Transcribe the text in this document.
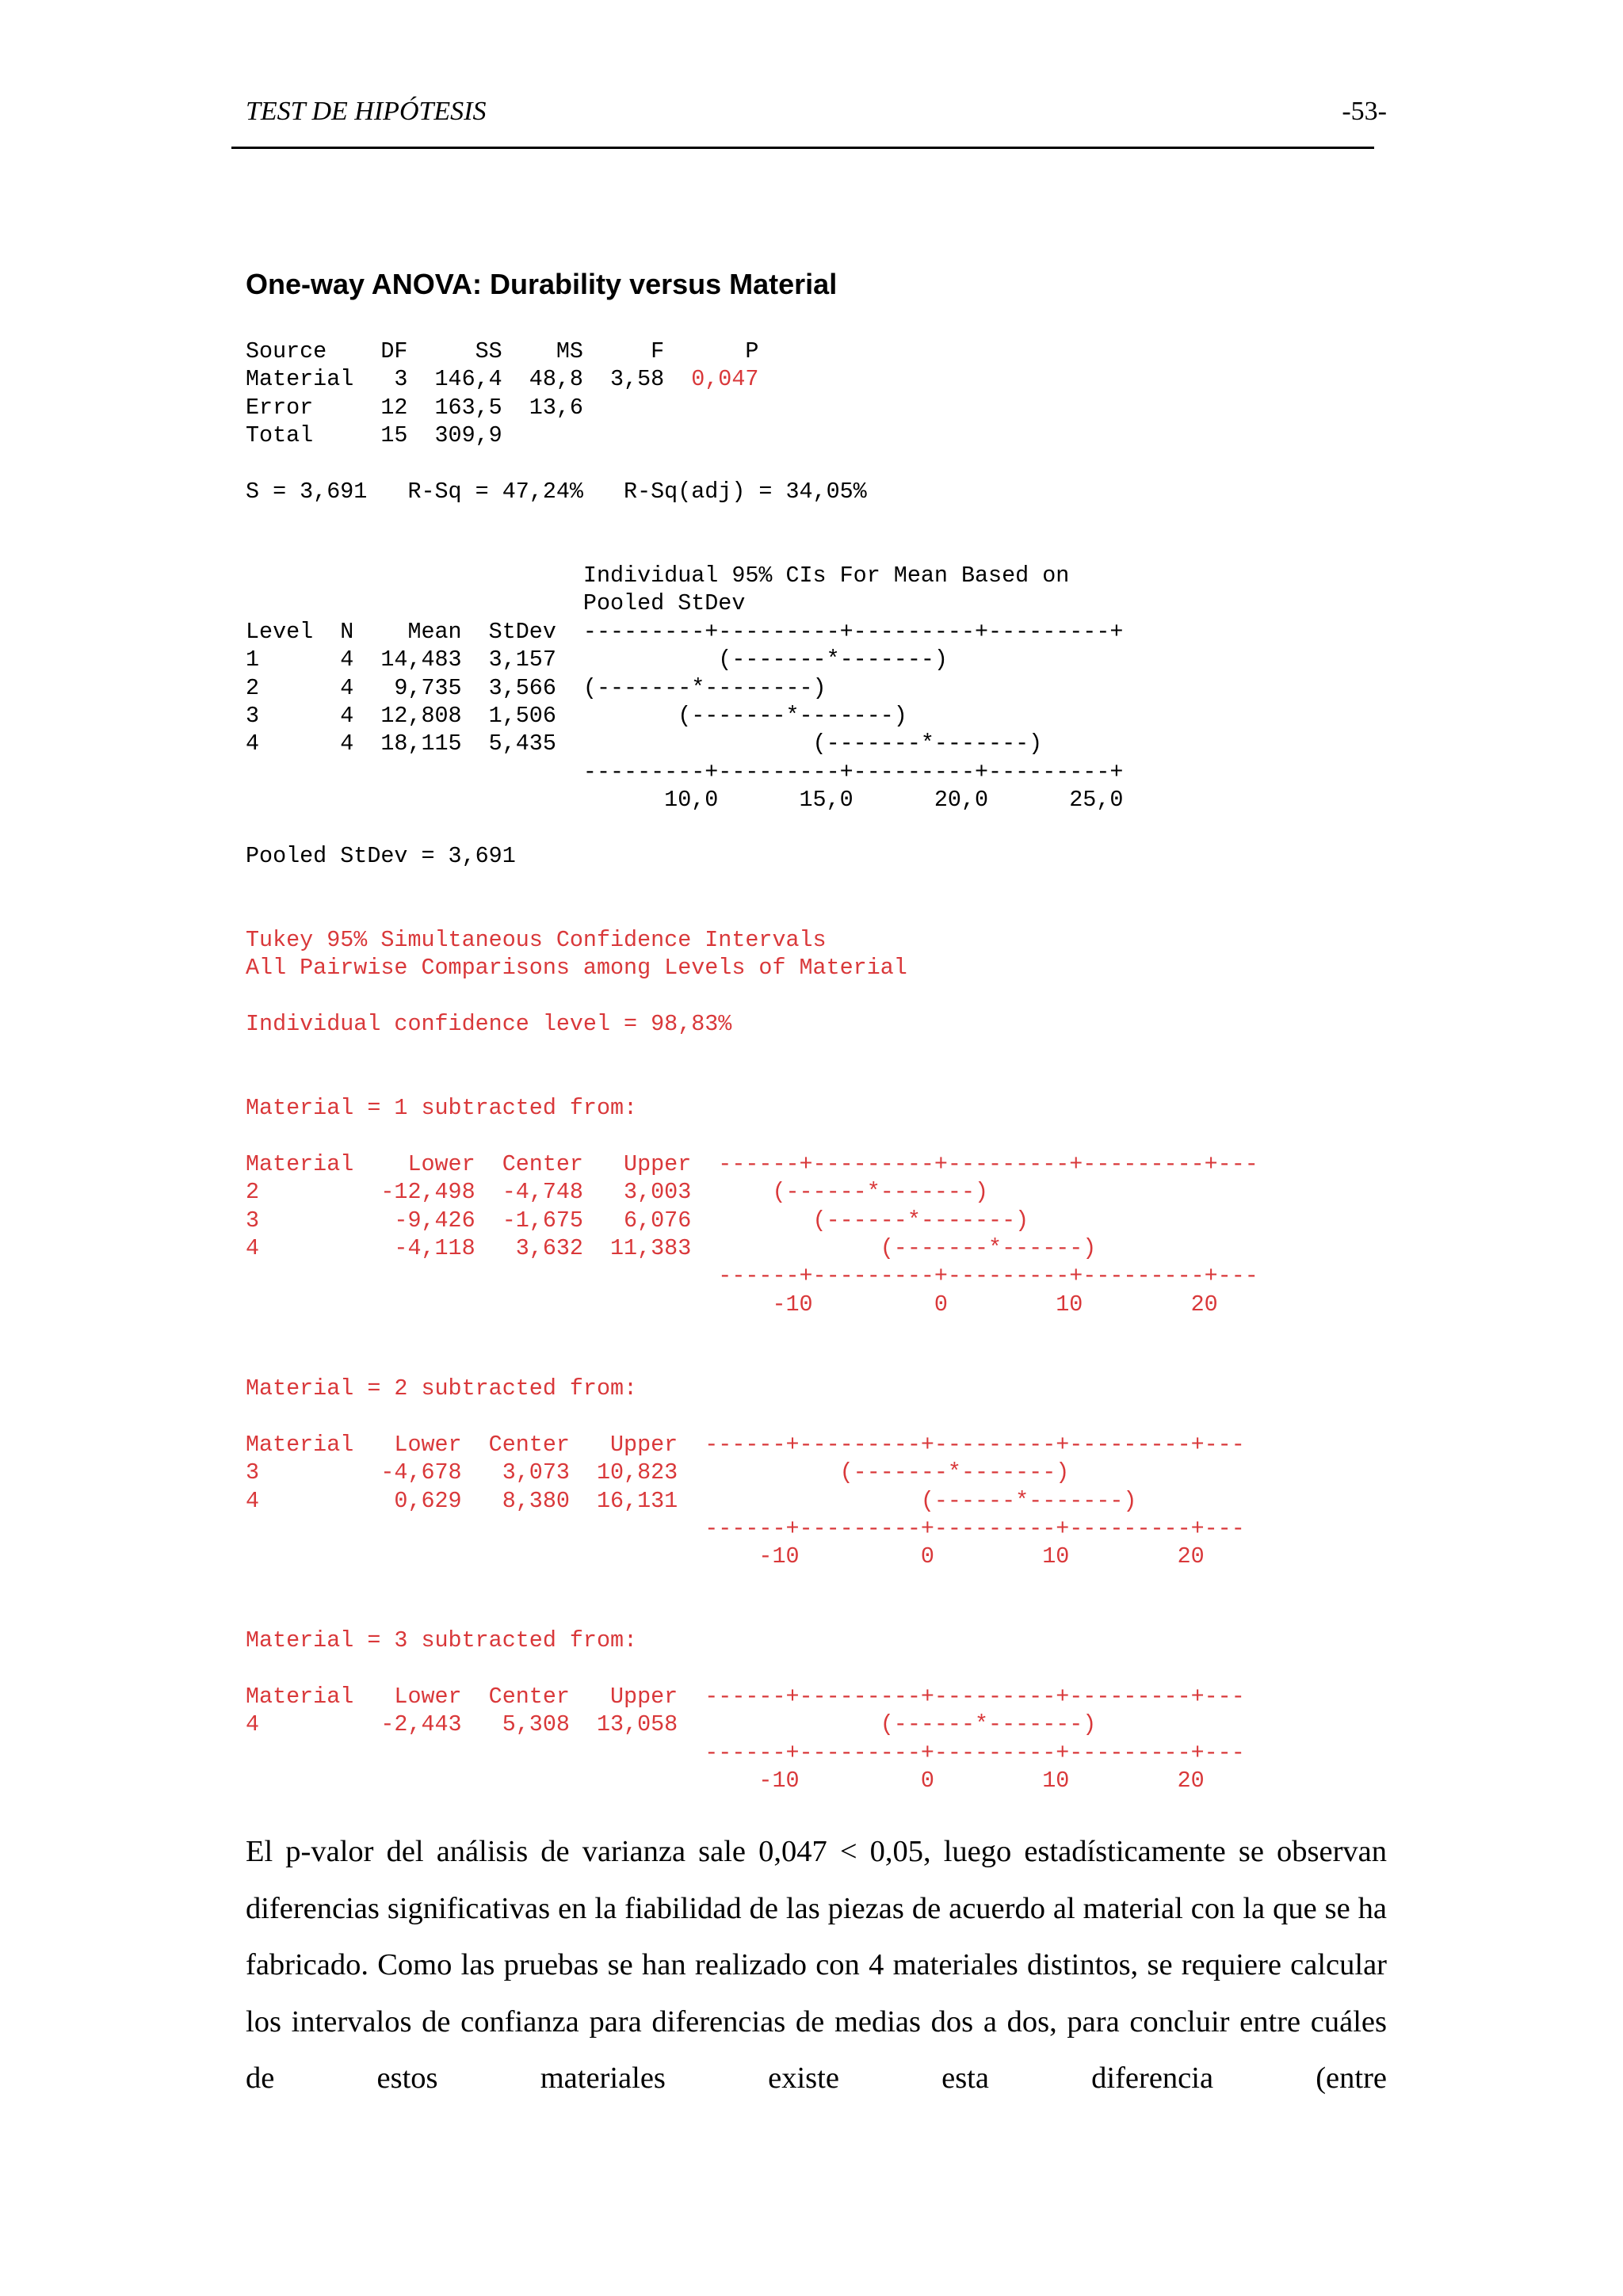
TEST DE HIPÓTESIS	-53-
One-way ANOVA: Durability versus Material
Source    DF     SS    MS     F      P
Material   3  146,4  48,8  3,58  0,047
Error     12  163,5  13,6
Total     15  309,9
S = 3,691   R-Sq = 47,24%   R-Sq(adj) = 34,05%
Individual 95% CIs For Mean Based on
Pooled StDev
Level  N    Mean  StDev  ---------+---------+---------+---------+
1      4  14,483  3,157            (-------*-------)
2      4   9,735  3,566  (-------*--------)
3      4  12,808  1,506         (-------*-------)
4      4  18,115  5,435                   (-------*-------)
---------+---------+---------+---------+
10,0      15,0      20,0      25,0
Pooled StDev = 3,691
Tukey 95% Simultaneous Confidence Intervals
All Pairwise Comparisons among Levels of Material
Individual confidence level = 98,83%
Material = 1 subtracted from:

Material    Lower  Center   Upper  ------+---------+---------+---------+---
2         -12,498  -4,748   3,003      (------*-------)
3          -9,426  -1,675   6,076         (------*-------)
4          -4,118   3,632  11,383              (-------*------)
------+---------+---------+---------+---
-10         0        10        20
Material = 2 subtracted from:

Material   Lower  Center   Upper  ------+---------+---------+---------+---
3         -4,678   3,073  10,823            (-------*-------)
4          0,629   8,380  16,131                  (------*-------)
------+---------+---------+---------+---
-10         0        10        20
Material = 3 subtracted from:

Material   Lower  Center   Upper  ------+---------+---------+---------+---
4         -2,443   5,308  13,058               (------*-------)
------+---------+---------+---------+---
-10         0        10        20

El p-valor del análisis de varianza sale 0,047 < 0,05, luego estadísticamente se observan diferencias significativas en la fiabilidad de las piezas de acuerdo al material con la que se ha fabricado. Como las pruebas se han realizado con 4 materiales distintos, se requiere calcular los intervalos de confianza para diferencias de medias dos a dos, para concluir entre cuáles de estos materiales existe esta diferencia (entre
